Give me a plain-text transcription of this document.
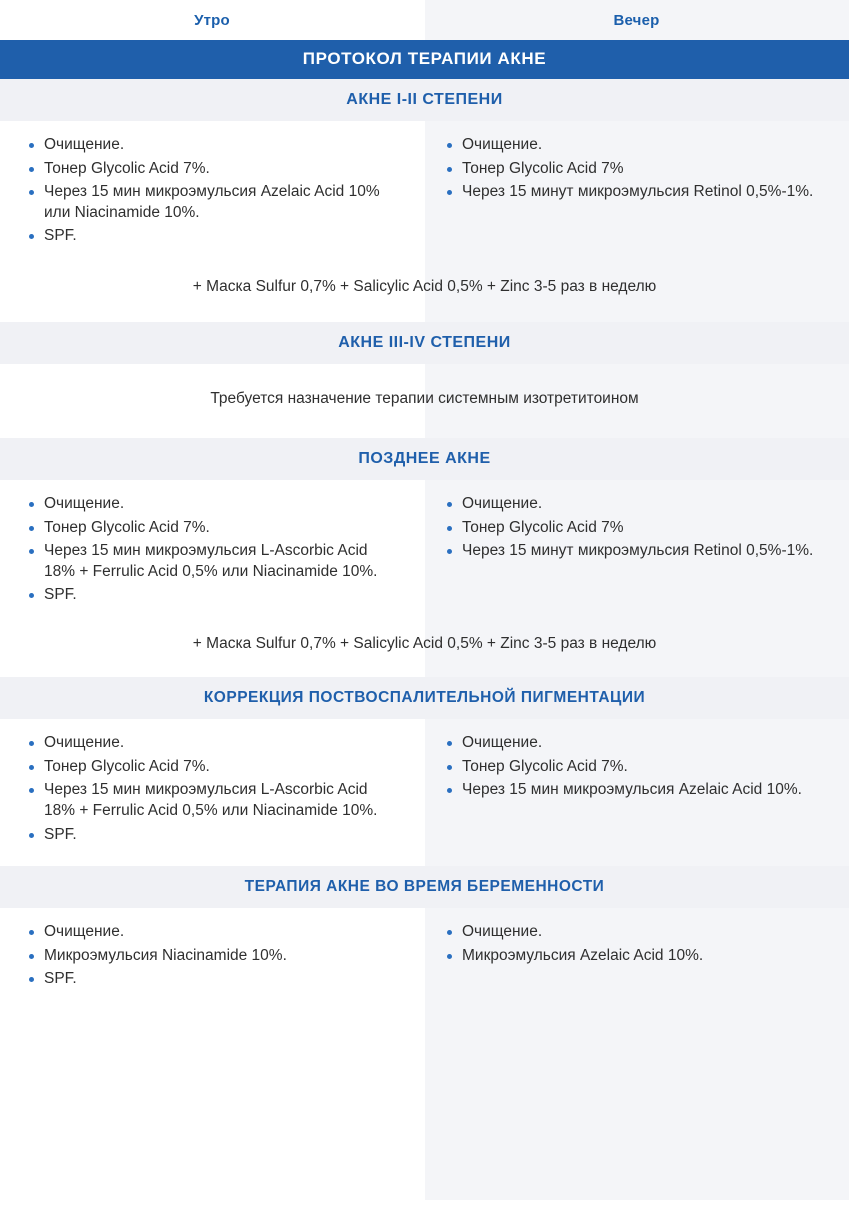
Утро	Вечер
ПРОТОКОЛ ТЕРАПИИ АКНЕ
АКНЕ I-II СТЕПЕНИ
Очищение.
Тонер Glycolic Acid 7%.
Через 15 мин микроэмульсия Azelaic Acid 10% или Niacinamide 10%.
SPF.
Очищение.
Тонер Glycolic Acid 7%
Через 15 минут микроэмульсия Retinol 0,5%-1%.
+ Маска Sulfur 0,7% + Salicylic Acid 0,5% + Zinc 3-5 раз в неделю
АКНЕ III-IV СТЕПЕНИ
Требуется назначение терапии системным изотретитоином
ПОЗДНЕЕ АКНЕ
Очищение.
Тонер Glycolic Acid 7%.
Через 15 мин микроэмульсия L-Ascorbic Acid 18% + Ferrulic Acid 0,5% или Niacinamide 10%.
SPF.
Очищение.
Тонер Glycolic Acid 7%
Через 15 минут микроэмульсия Retinol 0,5%-1%.
+ Маска Sulfur 0,7% + Salicylic Acid 0,5% + Zinc 3-5 раз в неделю
КОРРЕКЦИЯ ПОСТВОСПАЛИТЕЛЬНОЙ ПИГМЕНТАЦИИ
Очищение.
Тонер Glycolic Acid 7%.
Через 15 мин микроэмульсия L-Ascorbic Acid 18% + Ferrulic Acid 0,5% или Niacinamide 10%.
SPF.
Очищение.
Тонер Glycolic Acid 7%.
Через 15 мин микроэмульсия Azelaic Acid 10%.
ТЕРАПИЯ АКНЕ ВО ВРЕМЯ БЕРЕМЕННОСТИ
Очищение.
Микроэмульсия Niacinamide 10%.
SPF.
Очищение.
Микроэмульсия Azelaic Acid 10%.
